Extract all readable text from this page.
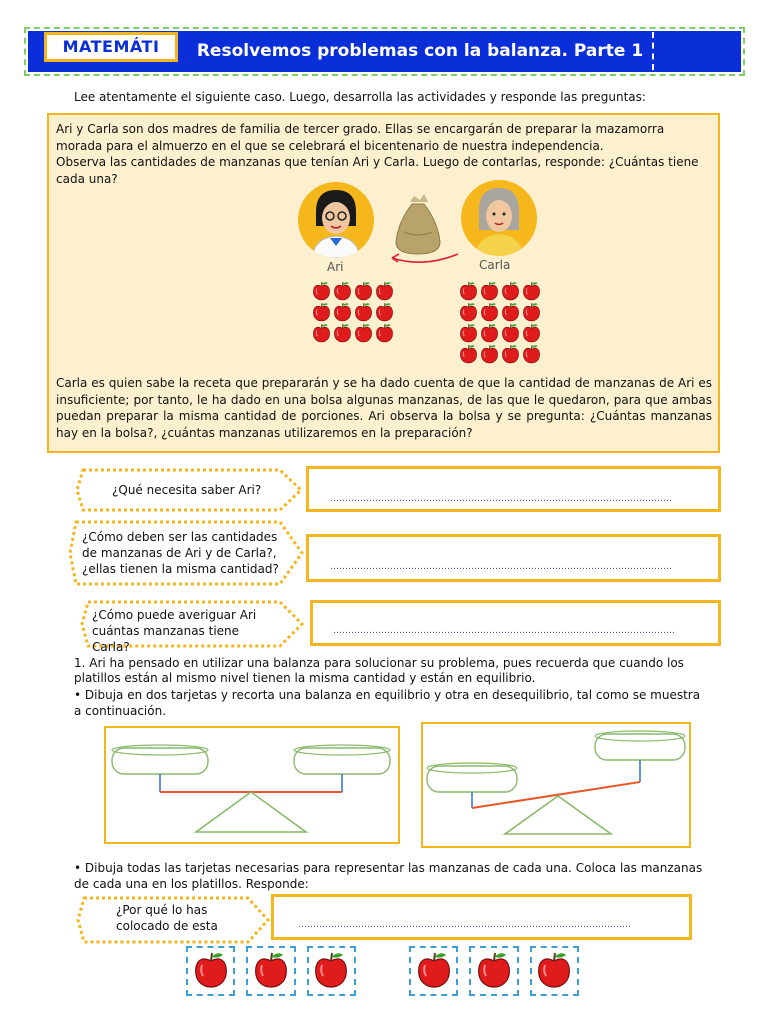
MATEMÁTI	Resolvemos problemas con la balanza. Parte 1
Lee atentamente el siguiente caso. Luego, desarrolla las actividades y responde las preguntas:
Ari y Carla son dos madres de familia de tercer grado. Ellas se encargarán de preparar la mazamorra morada para el almuerzo en el que se celebrará el bicentenario de nuestra independencia.
Observa las cantidades de manzanas que tenían Ari y Carla. Luego de contarlas, responde: ¿Cuántas tiene cada una?
Ari	Carla
Carla es quien sabe la receta que prepararán y se ha dado cuenta de que la cantidad de manzanas de Ari es insuficiente; por tanto, le ha dado en una bolsa algunas manzanas, de las que le quedaron, para que ambas puedan preparar la misma cantidad de porciones. Ari observa la bolsa y se pregunta: ¿Cuántas manzanas hay en la bolsa?, ¿cuántas manzanas utilizaremos en la preparación?
¿Qué necesita saber Ari?
……………………………………………………………………………………………………
¿Cómo deben ser las cantidades de manzanas de Ari y de Carla?, ¿ellas tienen la misma cantidad?	……………………………………………………………………………………………………
¿Cómo puede averiguar Ari cuántas manzanas tiene Carla?
……………………………………………………………………………………………………
1. Ari ha pensado en utilizar una balanza para solucionar su problema, pues recuerda que cuando los platillos están al mismo nivel tienen la misma cantidad y están en equilibrio.
• Dibuja en dos tarjetas y recorta una balanza en equilibrio y otra en desequilibrio, tal como se muestra a continuación.
• Dibuja todas las tarjetas necesarias para representar las manzanas de cada una. Coloca las manzanas de cada una en los platillos. Responde:
¿Por qué lo has colocado de esta	…………………………………………………………………………………………………
